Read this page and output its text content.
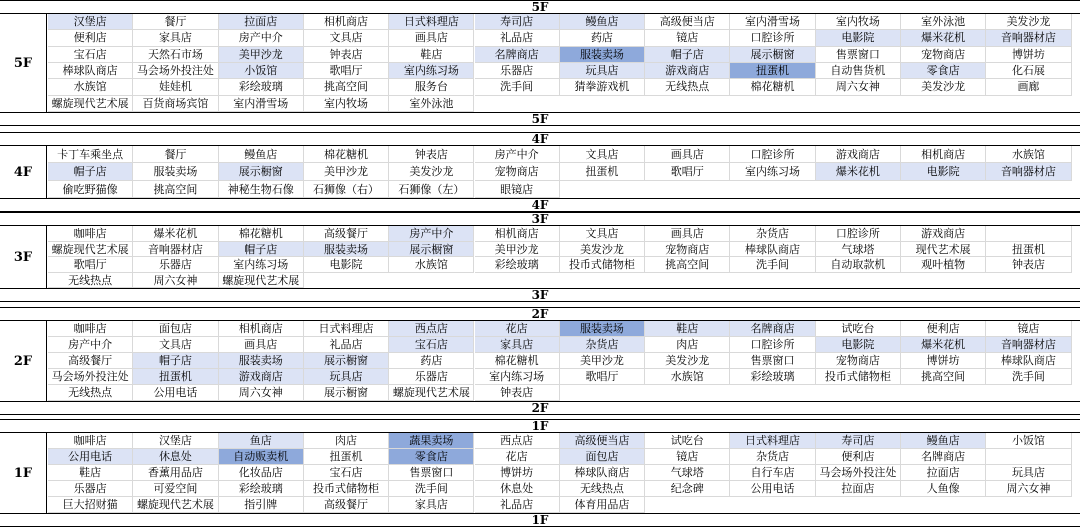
5F
5F
汉堡店	餐厅	拉面店	相机商店	日式料理店	寿司店	鳗鱼店	高级便当店	室内滑雪场	室内牧场	室外泳池	美发沙龙
便利店	家具店	房产中介	文具店	画具店	礼品店	药店	镜店	口腔诊所	电影院	爆米花机	音响器材店
宝石店	天然石市场	美甲沙龙	钟表店	鞋店	名牌商店	服装卖场	帽子店	展示橱窗	售票窗口	宠物商店	博饼坊
棒球队商店	马会场外投注处	小饭馆	歌唱厅	室内练习场	乐器店	玩具店	游戏商店	扭蛋机	自动售货机	零食店	化石展
水族馆	娃娃机	彩绘玻璃	挑高空间	服务台	洗手间	猜拳游戏机	无线热点	棉花糖机	周六女神	美发沙龙	画廊
螺旋现代艺术展	百货商场宾馆	室内滑雪场	室内牧场	室外泳池
5F
4F
4F
卡丁车乘坐点	餐厅	鳗鱼店	棉花糖机	钟表店	房产中介	文具店	画具店	口腔诊所	游戏商店	相机商店	水族馆
帽子店	服装卖场	展示橱窗	美甲沙龙	美发沙龙	宠物商店	扭蛋机	歌唱厅	室内练习场	爆米花机	电影院	音响器材店
偷吃野猫像	挑高空间	神秘生物石像	石狮像（右）	石狮像（左）	眼镜店
4F
3F
3F
咖啡店	爆米花机	棉花糖机	高级餐厅	房产中介	相机商店	文具店	画具店	杂货店	口腔诊所	游戏商店
螺旋现代艺术展	音响器材店	帽子店	服装卖场	展示橱窗	美甲沙龙	美发沙龙	宠物商店	棒球队商店	气球塔	现代艺术展	扭蛋机
歌唱厅	乐器店	室内练习场	电影院	水族馆	彩绘玻璃	投币式储物柜	挑高空间	洗手间	自动取款机	观叶植物	钟表店
无线热点	周六女神	螺旋现代艺术展
3F
2F
2F
咖啡店	面包店	相机商店	日式料理店	西点店	花店	服装卖场	鞋店	名牌商店	试吃台	便利店	镜店
房产中介	文具店	画具店	礼品店	宝石店	家具店	杂货店	肉店	口腔诊所	电影院	爆米花机	音响器材店
高级餐厅	帽子店	服装卖场	展示橱窗	药店	棉花糖机	美甲沙龙	美发沙龙	售票窗口	宠物商店	博饼坊	棒球队商店
马会场外投注处	扭蛋机	游戏商店	玩具店	乐器店	室内练习场	歌唱厅	水族馆	彩绘玻璃	投币式储物柜	挑高空间	洗手间
无线热点	公用电话	周六女神	展示橱窗	螺旋现代艺术展	钟表店
2F
1F
1F
咖啡店	汉堡店	鱼店	肉店	蔬果卖场	西点店	高级便当店	试吃台	日式料理店	寿司店	鳗鱼店	小饭馆
公用电话	休息处	自动贩卖机	扭蛋机	零食店	花店	面包店	镜店	杂货店	便利店	名牌商店
鞋店	香薰用品店	化妆品店	宝石店	售票窗口	博饼坊	棒球队商店	气球塔	自行车店	马会场外投注处	拉面店	玩具店
乐器店	可爱空间	彩绘玻璃	投币式储物柜	洗手间	休息处	无线热点	纪念碑	公用电话	拉面店	人鱼像	周六女神
巨大招财猫	螺旋现代艺术展	指引牌	高级餐厅	家具店	礼品店	体育用品店
1F
